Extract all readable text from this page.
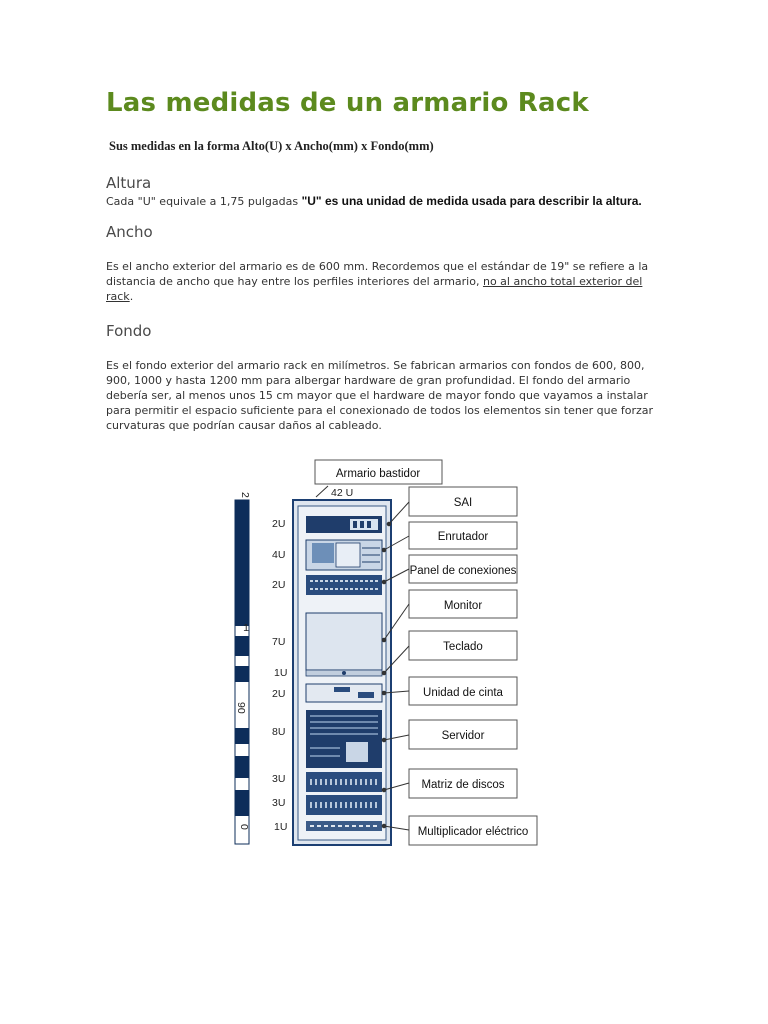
Las medidas de un armario Rack
Sus medidas en la forma Alto(U) x Ancho(mm) x Fondo(mm)
Altura
Cada "U" equivale a 1,75 pulgadas "U" es una unidad de medida usada para describir la altura.
Ancho
Es el ancho exterior del armario es de 600 mm. Recordemos que el estándar de 19" se refiere a la distancia de ancho que hay entre los perfiles interiores del armario, no al ancho total exterior del rack.
Fondo
Es el fondo exterior del armario rack en milímetros. Se fabrican armarios con fondos de 600, 800, 900, 1000 y hasta 1200 mm para albergar hardware de gran profundidad. El fondo del armario debería ser, al menos unos 15 cm mayor que el hardware de mayor fondo que vayamos a instalar para permitir el espacio suficiente para el conexionado de todos los elementos sin tener que forzar curvaturas que podrían causar daños al cableado.
2
1
90
0
Armario bastidor
42 U
2U
4U
2U
7U
1U
2U
8U
3U
3U
1U
SAI
Enrutador
Panel de conexiones
Monitor
Teclado
Unidad de cinta
Servidor
Matriz de discos
Multiplicador eléctrico
